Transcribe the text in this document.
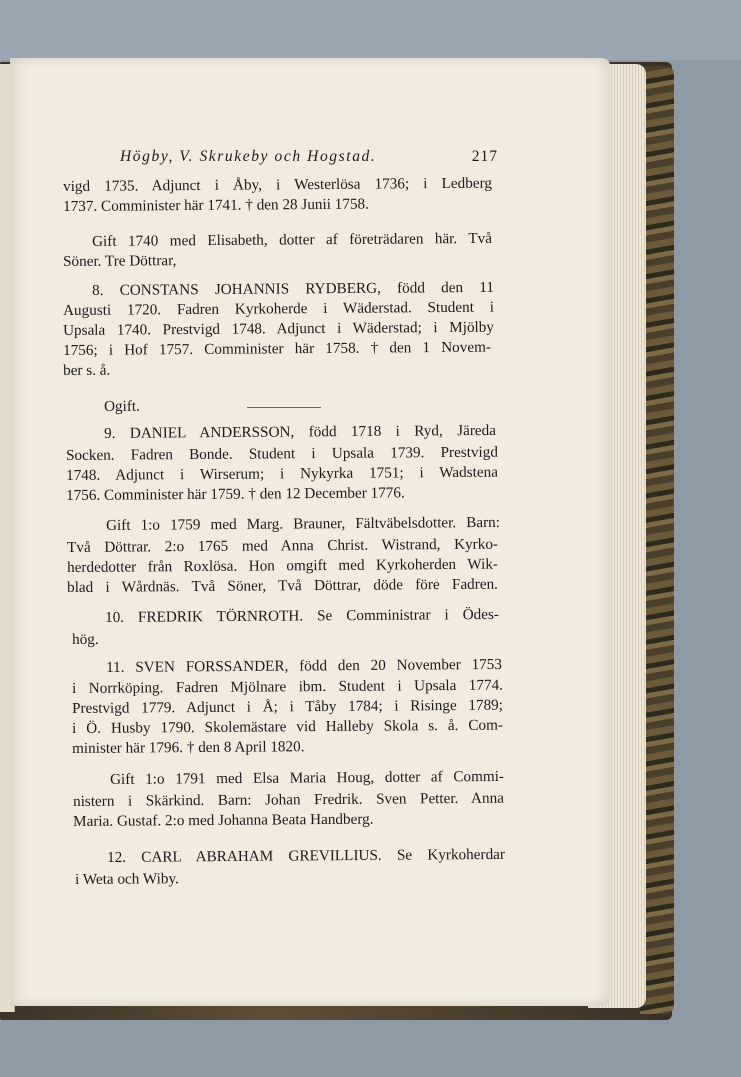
Högby, V. Skrukeby och Hogstad.	217
vigd 1735. Adjunct i Åby, i Westerlösa 1736; i Ledberg
1737. Comminister här 1741. † den 28 Junii 1758.
Gift 1740 med Elisabeth, dotter af företrädaren här. Två
Söner. Tre Döttrar,
8. CONSTANS JOHANNIS RYDBERG, född den 11
Augusti 1720. Fadren Kyrkoherde i Wäderstad. Student i
Upsala 1740. Prestvigd 1748. Adjunct i Wäderstad; i Mjölby
1756; i Hof 1757. Comminister här 1758. † den 1 Novem-
ber s. å.
Ogift.
9. DANIEL ANDERSSON, född 1718 i Ryd, Järeda
Socken. Fadren Bonde. Student i Upsala 1739. Prestvigd
1748. Adjunct i Wirserum; i Nykyrka 1751; i Wadstena
1756. Comminister här 1759. † den 12 December 1776.
Gift 1:o 1759 med Marg. Brauner, Fältväbelsdotter. Barn:
Två Döttrar. 2:o 1765 med Anna Christ. Wistrand, Kyrko-
herdedotter från Roxlösa. Hon omgift med Kyrkoherden Wik-
blad i Wårdnäs. Två Söner, Två Döttrar, döde före Fadren.
10. FREDRIK TÖRNROTH. Se Comministrar i Ödes-
hög.
11. SVEN FORSSANDER, född den 20 November 1753
i Norrköping. Fadren Mjölnare ibm. Student i Upsala 1774.
Prestvigd 1779. Adjunct i Å; i Tåby 1784; i Risinge 1789;
i Ö. Husby 1790. Skolemästare vid Halleby Skola s. å. Com-
minister här 1796. † den 8 April 1820.
Gift 1:o 1791 med Elsa Maria Houg, dotter af Commi-
nistern i Skärkind. Barn: Johan Fredrik. Sven Petter. Anna
Maria. Gustaf. 2:o med Johanna Beata Handberg.
12. CARL ABRAHAM GREVILLIUS. Se Kyrkoherdar
i Weta och Wiby.
